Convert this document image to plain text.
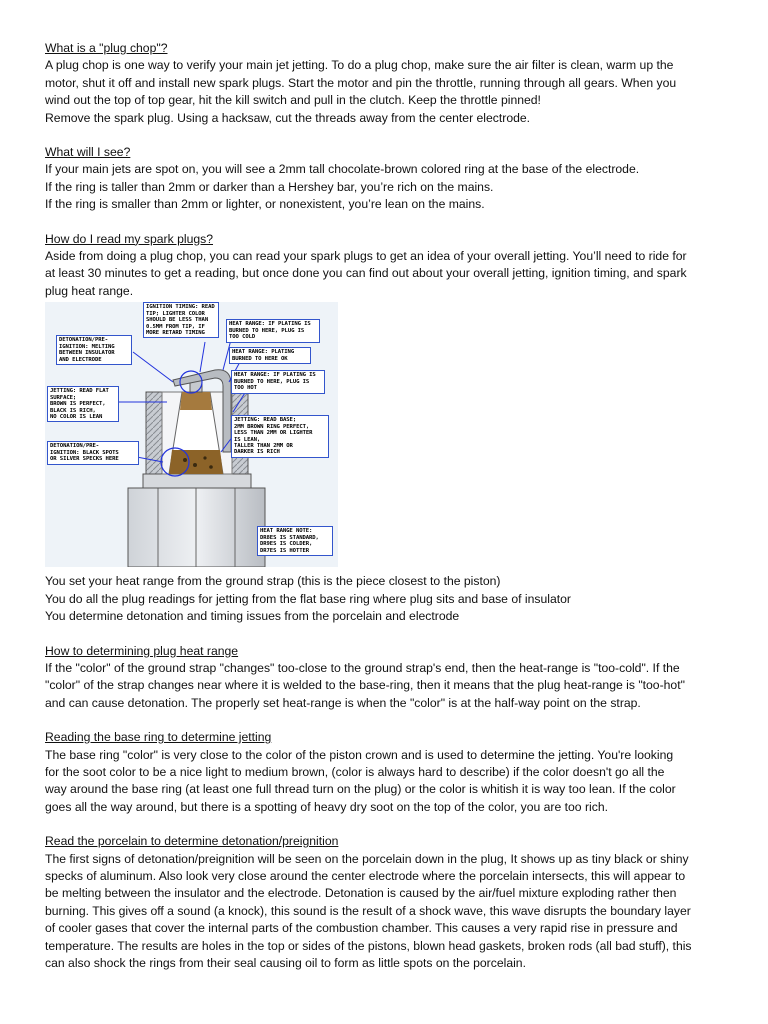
What is a "plug chop"?
A plug chop is one way to verify your main jet jetting. To do a plug chop, make sure the air filter is clean, warm up the
motor, shut it off and install new spark plugs. Start the motor and pin the throttle, running through all gears. When you
wind out the top of top gear, hit the kill switch and pull in the clutch. Keep the throttle pinned!
Remove the spark plug. Using a hacksaw, cut the threads away from the center electrode.
What will I see?
If your main jets are spot on, you will see a 2mm tall chocolate-brown colored ring at the base of the electrode.
If the ring is taller than 2mm or darker than a Hershey bar, you’re rich on the mains.
If the ring is smaller than 2mm or lighter, or nonexistent, you’re lean on the mains.
How do I read my spark plugs?
Aside from doing a plug chop, you can read your spark plugs to get an idea of your overall jetting. You’ll need to ride for
at least 30 minutes to get a reading, but once done you can find out about your overall jetting, ignition timing, and spark
plug heat range.
IGNITION TIMING: READ
TIP; LIGHTER COLOR
SHOULD BE LESS THAN
0.5MM FROM TIP, IF
MORE RETARD TIMING
DETONATION/PRE-
IGNITION: MELTING
BETWEEN INSULATOR
AND ELECTRODE
HEAT RANGE: IF PLATING IS
BURNED TO HERE, PLUG IS
TOO COLD
HEAT RANGE: PLATING
BURNED TO HERE OK
HEAT RANGE: IF PLATING IS
BURNED TO HERE, PLUG IS
TOO HOT
JETTING: READ FLAT
SURFACE;
BROWN IS PERFECT,
BLACK IS RICH,
NO COLOR IS LEAN
JETTING: READ BASE;
2MM BROWN RING PERFECT,
LESS THAN 2MM OR LIGHTER
IS LEAN,
TALLER THAN 2MM OR
DARKER IS RICH
DETONATION/PRE-
IGNITION: BLACK SPOTS
OR SILVER SPECKS HERE
HEAT RANGE NOTE:
DR8ES IS STANDARD,
DR9ES IS COLDER,
DR7ES IS HOTTER
You set your heat range from the ground strap (this is the piece closest to the piston)
You do all the plug readings for jetting from the flat base ring where plug sits and base of insulator
You determine detonation and timing issues from the porcelain and electrode
How to determining plug heat range
If the "color" of the ground strap "changes" too-close to the ground strap's end, then the heat-range is "too-cold". If the
"color" of the strap changes near where it is welded to the base-ring, then it means that the plug heat-range is "too-hot"
and can cause detonation. The properly set heat-range is when the "color" is at the half-way point on the strap.
Reading the base ring to determine jetting
The base ring "color" is very close to the color of the piston crown and is used to determine the jetting. You're looking
for the soot color to be a nice light to medium brown, (color is always hard to describe) if the color doesn't go all the
way around the base ring (at least one full thread turn on the plug) or the color is whitish it is way too lean. If the color
goes all the way around, but there is a spotting of heavy dry soot on the top of the color, you are too rich.
Read the porcelain to determine detonation/preignition
The first signs of detonation/preignition will be seen on the porcelain down in the plug, It shows up as tiny black or shiny
specks of aluminum. Also look very close around the center electrode where the porcelain intersects, this will appear to
be melting between the insulator and the electrode. Detonation is caused by the air/fuel mixture exploding rather then
burning. This gives off a sound (a knock), this sound is the result of a shock wave, this wave disrupts the boundary layer
of cooler gases that cover the internal parts of the combustion chamber. This causes a very rapid rise in pressure and
temperature. The results are holes in the top or sides of the pistons, blown head gaskets, broken rods (all bad stuff), this
can also shock the rings from their seal causing oil to form as little spots on the porcelain.
